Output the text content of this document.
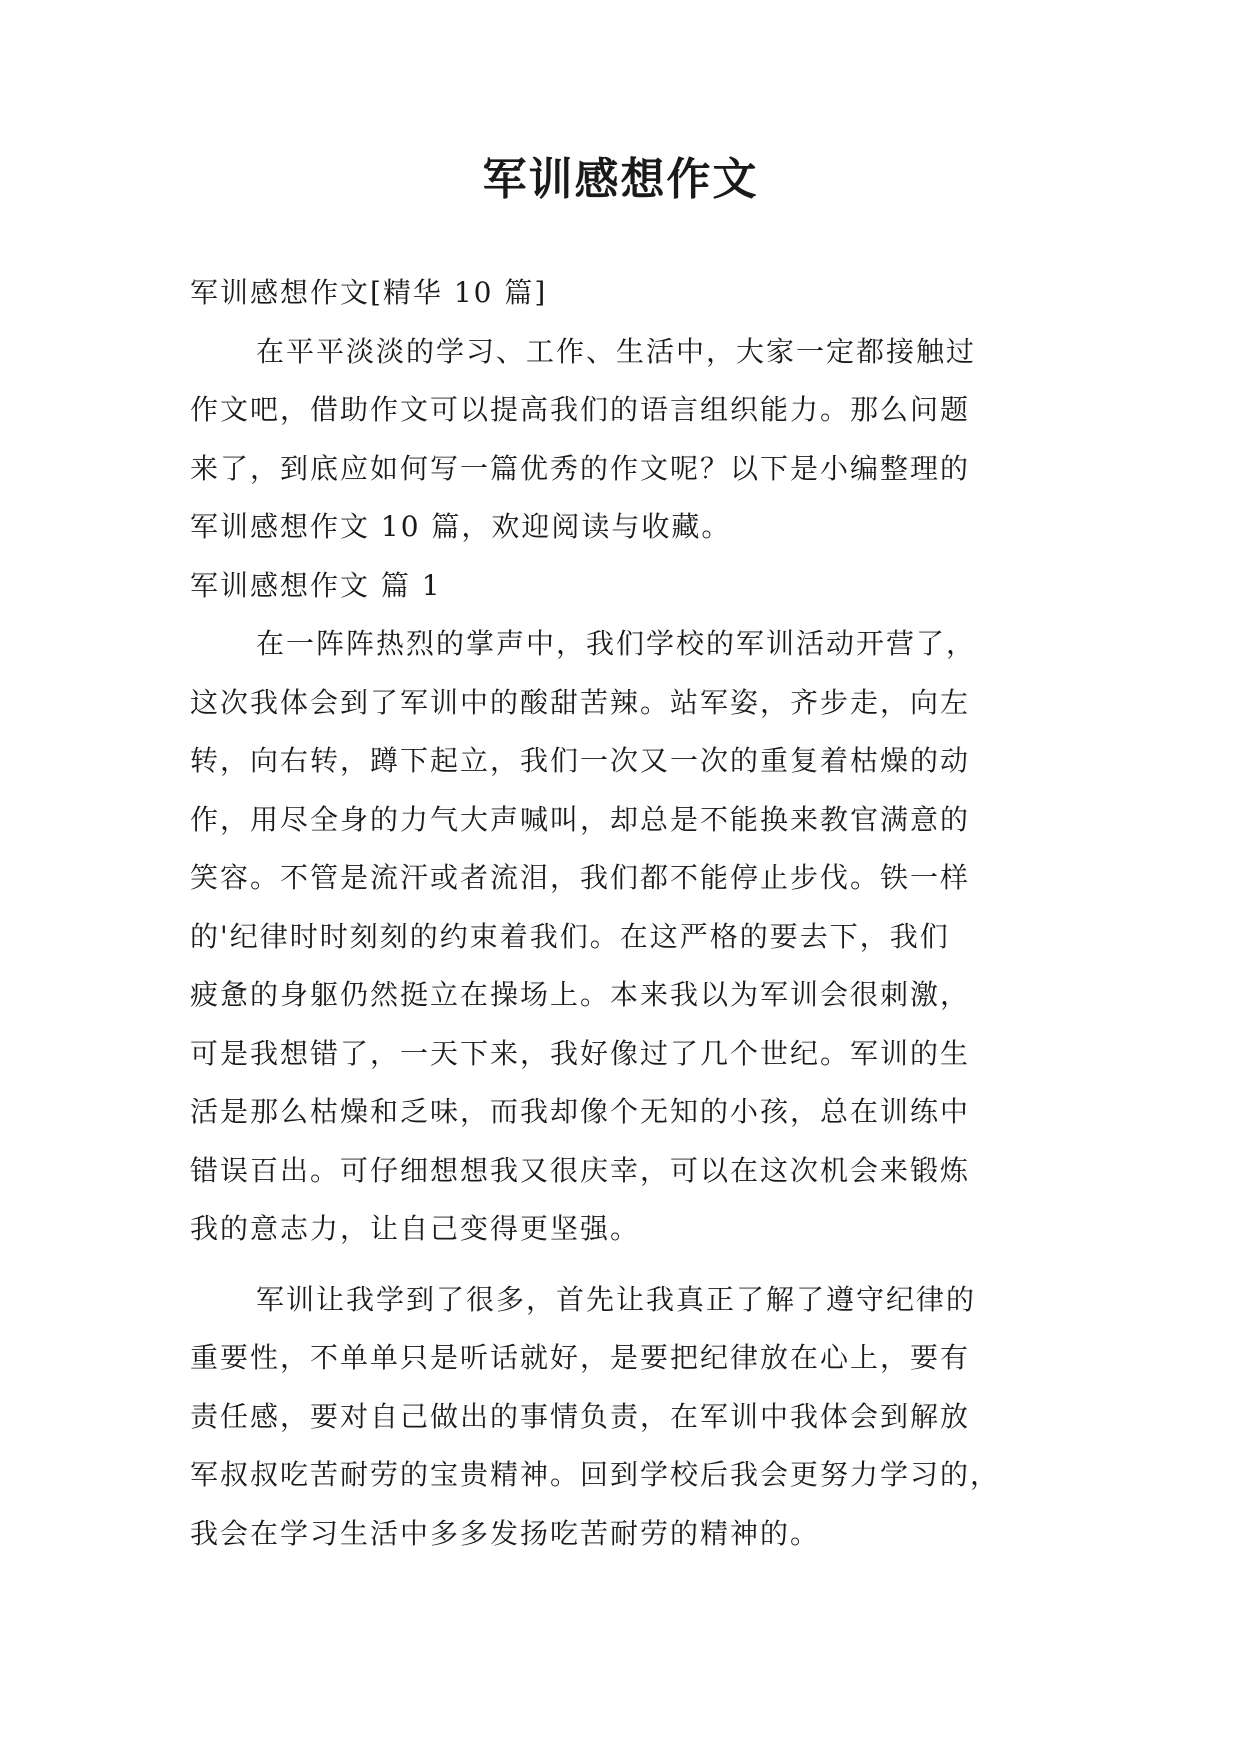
军训感想作文

军训感想作文[精华 10 篇]

在平平淡淡的学习、工作、生活中，大家一定都接触过

作文吧，借助作文可以提高我们的语言组织能力。那么问题

来了，到底应如何写一篇优秀的作文呢？以下是小编整理的

军训感想作文 10 篇，欢迎阅读与收藏。

军训感想作文 篇 1

在一阵阵热烈的掌声中，我们学校的军训活动开营了，

这次我体会到了军训中的酸甜苦辣。站军姿，齐步走，向左

转，向右转，蹲下起立，我们一次又一次的重复着枯燥的动

作，用尽全身的力气大声喊叫，却总是不能换来教官满意的

笑容。不管是流汗或者流泪，我们都不能停止步伐。铁一样

的'纪律时时刻刻的约束着我们。在这严格的要去下，我们

疲惫的身躯仍然挺立在操场上。本来我以为军训会很刺激，

可是我想错了，一天下来，我好像过了几个世纪。军训的生

活是那么枯燥和乏味，而我却像个无知的小孩，总在训练中

错误百出。可仔细想想我又很庆幸，可以在这次机会来锻炼

我的意志力，让自己变得更坚强。

军训让我学到了很多，首先让我真正了解了遵守纪律的

重要性，不单单只是听话就好，是要把纪律放在心上，要有

责任感，要对自己做出的事情负责，在军训中我体会到解放

军叔叔吃苦耐劳的宝贵精神。回到学校后我会更努力学习的，

我会在学习生活中多多发扬吃苦耐劳的精神的。
